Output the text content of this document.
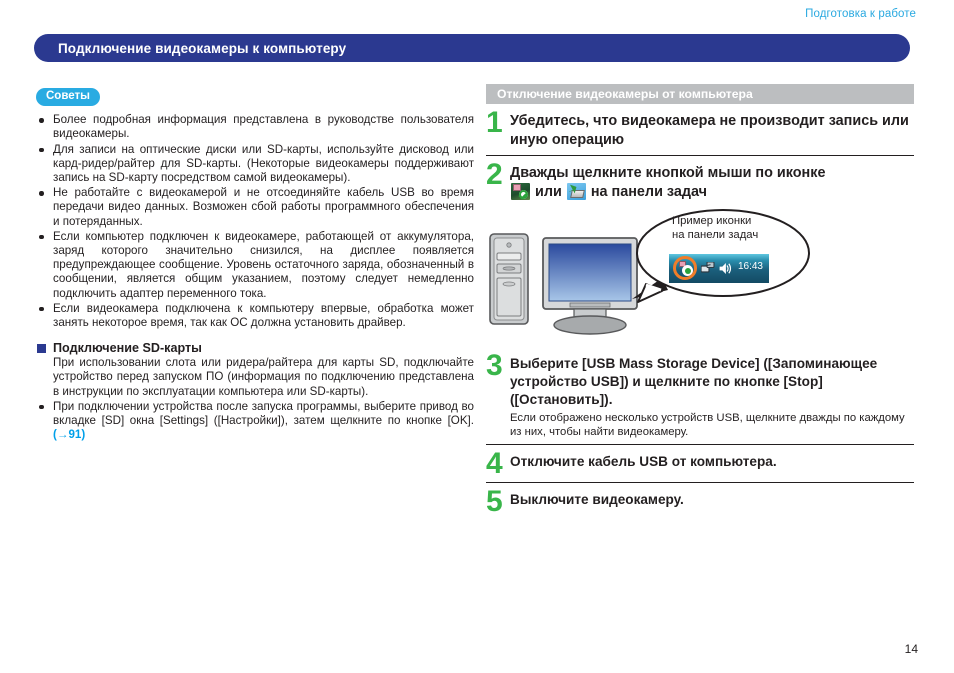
Подготовка к работе
Подключение видеокамеры к компьютеру
Советы
Более подробная информация представлена в руководстве пользователя видеокамеры.
Для записи на оптические диски или SD-карты, используйте дисковод или кард-ридер/райтер для SD-карты. (Некоторые видеокамеры поддерживают запись на SD-карту посредством самой видеокамеры).
Не работайте с видеокамерой и не отсоединяйте кабель USB во время передачи видео данных. Возможен сбой работы программного обеспечения и потеряданных.
Если компьютер подключен к видеокамере, работающей от аккумулятора, заряд которого значительно снизился, на дисплее появляется предупреждающее сообщение. Уровень остаточного заряда, обозначенный в сообщении, является общим указанием, поэтому следует немедленно подключить адаптер переменного тока.
Если видеокамера подключена к компьютеру впервые, обработка может занять некоторое время, так как ОС должна установить драйвер.
Подключение SD-карты
При использовании слота или ридера/райтера для карты SD, подключайте устройство перед запуском ПО (информация по подключению представлена в инструкции по эксплуатации компьютера или SD-карты).
При подключении устройства после запуска программы, выберите привод во вкладке [SD] окна [Settings] ([Настройки]), затем щелкните по кнопке [OK]. (→91)
Отключение видеокамеры от компьютера
1 Убедитесь, что видеокамера не производит запись или иную операцию
2 Дважды щелкните кнопкой мыши по иконке

или на панели задач
Пример иконки
на панели задач
16:43
3 Выберите [USB Mass Storage Device] ([Запоминающее устройство USB]) и щелкните по кнопке [Stop] ([Остановить]).
Если отображено несколько устройств USB, щелкните дважды по каждому из них, чтобы найти видеокамеру.
4 Отключите кабель USB от компьютера.
5 Выключите видеокамеру.
14
